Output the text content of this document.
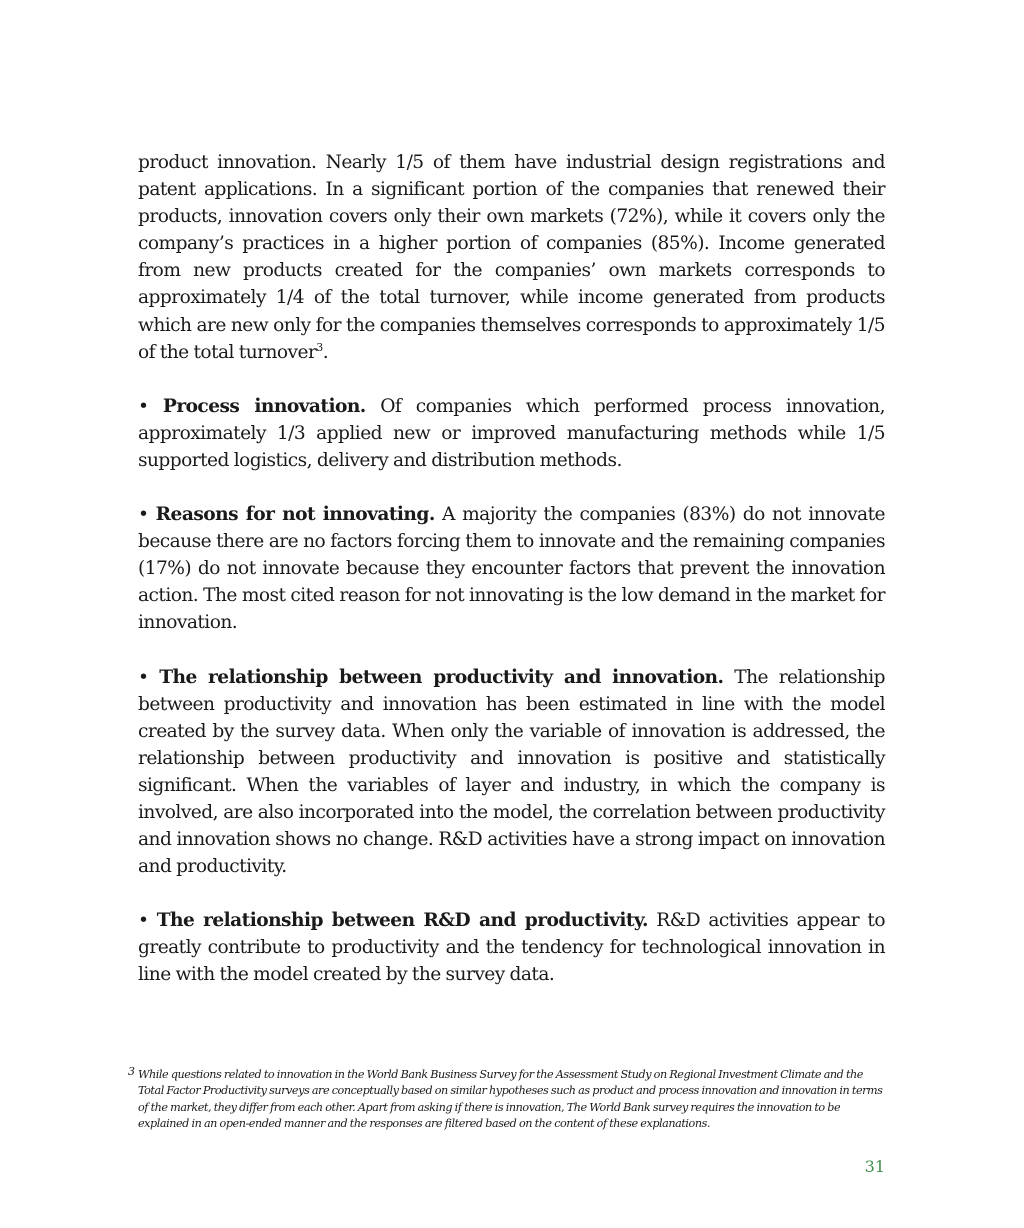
product innovation. Nearly 1/5 of them have industrial design registrations and patent applications. In a significant portion of the companies that renewed their products, innovation covers only their own markets (72%), while it covers only the company’s practices in a higher portion of companies (85%). Income generated from new products created for the companies’ own markets corresponds to approximately 1/4 of the total turnover, while income generated from products which are new only for the companies themselves corresponds to approximately 1/5 of the total turnover$^3$.

• Process innovation. Of companies which performed process innovation, approximately 1/3 applied new or improved manufacturing methods while 1/5 supported logistics, delivery and distribution methods.

• Reasons for not innovating. A majority the companies (83%) do not innovate because there are no factors forcing them to innovate and the remaining companies (17%) do not innovate because they encounter factors that prevent the innovation action. The most cited reason for not innovating is the low demand in the market for innovation.

• The relationship between productivity and innovation. The relationship between productivity and innovation has been estimated in line with the model created by the survey data. When only the variable of innovation is addressed, the relationship between productivity and innovation is positive and statistically significant. When the variables of layer and industry, in which the company is involved, are also incorporated into the model, the correlation between productivity and innovation shows no change. R&D activities have a strong impact on innovation and productivity.

• The relationship between R&D and productivity. R&D activities appear to greatly contribute to productivity and the tendency for technological innovation in line with the model created by the survey data.

3 While questions related to innovation in the World Bank Business Survey for the Assessment Study on Regional Investment Climate and the Total Factor Productivity surveys are conceptually based on similar hypotheses such as product and process innovation and innovation in terms of the market, they differ from each other. Apart from asking if there is innovation, The World Bank survey requires the innovation to be explained in an open-ended manner and the responses are filtered based on the content of these explanations.
31
